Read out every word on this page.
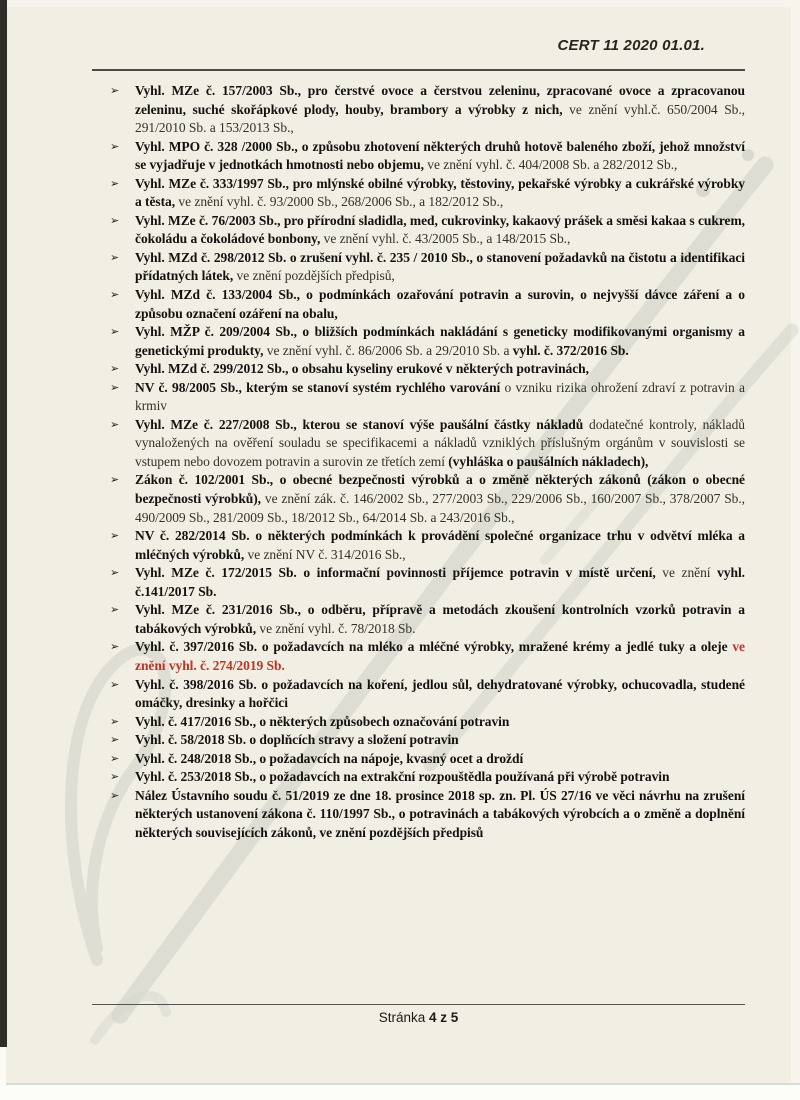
CERT 11 2020 01.01.
➢ Vyhl. MZe č. 157/2003 Sb., pro čerstvé ovoce a čerstvou zeleninu, zpracované ovoce a zpracovanou zeleninu, suché skořápkové plody, houby, brambory a výrobky z nich, ve znění vyhl.č. 650/2004 Sb., 291/2010 Sb. a 153/2013 Sb.,
➢ Vyhl. MPO č. 328 /2000 Sb., o způsobu zhotovení některých druhů hotově baleného zboží, jehož množství se vyjadřuje v jednotkách hmotnosti nebo objemu, ve znění vyhl. č. 404/2008 Sb. a 282/2012 Sb.,
➢ Vyhl. MZe č. 333/1997 Sb., pro mlýnské obilné výrobky, těstoviny, pekařské výrobky a cukrářské výrobky a těsta, ve znění vyhl. č. 93/2000 Sb., 268/2006 Sb., a 182/2012 Sb.,
➢ Vyhl. MZe č. 76/2003 Sb., pro přírodní sladidla, med, cukrovinky, kakaový prášek a směsi kakaa s cukrem, čokoládu a čokoládové bonbony, ve znění vyhl. č. 43/2005 Sb., a 148/2015 Sb.,
➢ Vyhl. MZd č. 298/2012 Sb. o zrušení vyhl. č. 235 / 2010 Sb., o stanovení požadavků na čistotu a identifikaci přídatných látek, ve znění pozdějších předpisů,
➢ Vyhl. MZd č. 133/2004 Sb., o podmínkách ozařování potravin a surovin, o nejvyšší dávce záření a o způsobu označení ozáření na obalu,
➢ Vyhl. MŽP č. 209/2004 Sb., o bližších podmínkách nakládání s geneticky modifikovanými organismy a genetickými produkty, ve znění vyhl. č. 86/2006 Sb. a 29/2010 Sb. a vyhl. č. 372/2016 Sb.
➢ Vyhl. MZd č. 299/2012 Sb., o obsahu kyseliny erukové v některých potravinách,
➢ NV č. 98/2005 Sb., kterým se stanoví systém rychlého varování o vzniku rizika ohrožení zdraví z potravin a krmiv
➢ Vyhl. MZe č. 227/2008 Sb., kterou se stanoví výše paušální částky nákladů dodatečné kontroly, nákladů vynaložených na ověření souladu se specifikacemi a nákladů vzniklých příslušným orgánům v souvislosti se vstupem nebo dovozem potravin a surovin ze třetích zemí (vyhláška o paušálních nákladech),
➢ Zákon č. 102/2001 Sb., o obecné bezpečnosti výrobků a o změně některých zákonů (zákon o obecné bezpečnosti výrobků), ve znění zák. č. 146/2002 Sb., 277/2003 Sb., 229/2006 Sb., 160/2007 Sb., 378/2007 Sb., 490/2009 Sb., 281/2009 Sb., 18/2012 Sb., 64/2014 Sb. a 243/2016 Sb.,
➢ NV č. 282/2014 Sb. o některých podmínkách k provádění společné organizace trhu v odvětví mléka a mléčných výrobků, ve znění NV č. 314/2016 Sb.,
➢ Vyhl. MZe č. 172/2015 Sb. o informační povinnosti příjemce potravin v místě určení, ve znění vyhl. č.141/2017 Sb.
➢ Vyhl. MZe č. 231/2016 Sb., o odběru, přípravě a metodách zkoušení kontrolních vzorků potravin a tabákových výrobků, ve znění vyhl. č. 78/2018 Sb.
➢ Vyhl. č. 397/2016 Sb. o požadavcích na mléko a mléčné výrobky, mražené krémy a jedlé tuky a oleje ve znění vyhl. č. 274/2019 Sb.
➢ Vyhl. č. 398/2016 Sb. o požadavcích na koření, jedlou sůl, dehydratované výrobky, ochucovadla, studené omáčky, dresinky a hořčici
➢ Vyhl. č. 417/2016 Sb., o některých způsobech označování potravin
➢ Vyhl. č. 58/2018 Sb. o doplňcích stravy a složení potravin
➢ Vyhl. č. 248/2018 Sb., o požadavcích na nápoje, kvasný ocet a droždí
➢ Vyhl. č. 253/2018 Sb., o požadavcích na extrakční rozpouštědla používaná při výrobě potravin
➢ Nález Ústavního soudu č. 51/2019 ze dne 18. prosince 2018 sp. zn. Pl. ÚS 27/16 ve věci návrhu na zrušení některých ustanovení zákona č. 110/1997 Sb., o potravinách a tabákových výrobcích a o změně a doplnění některých souvisejících zákonů, ve znění pozdějších předpisů
Stránka 4 z 5
